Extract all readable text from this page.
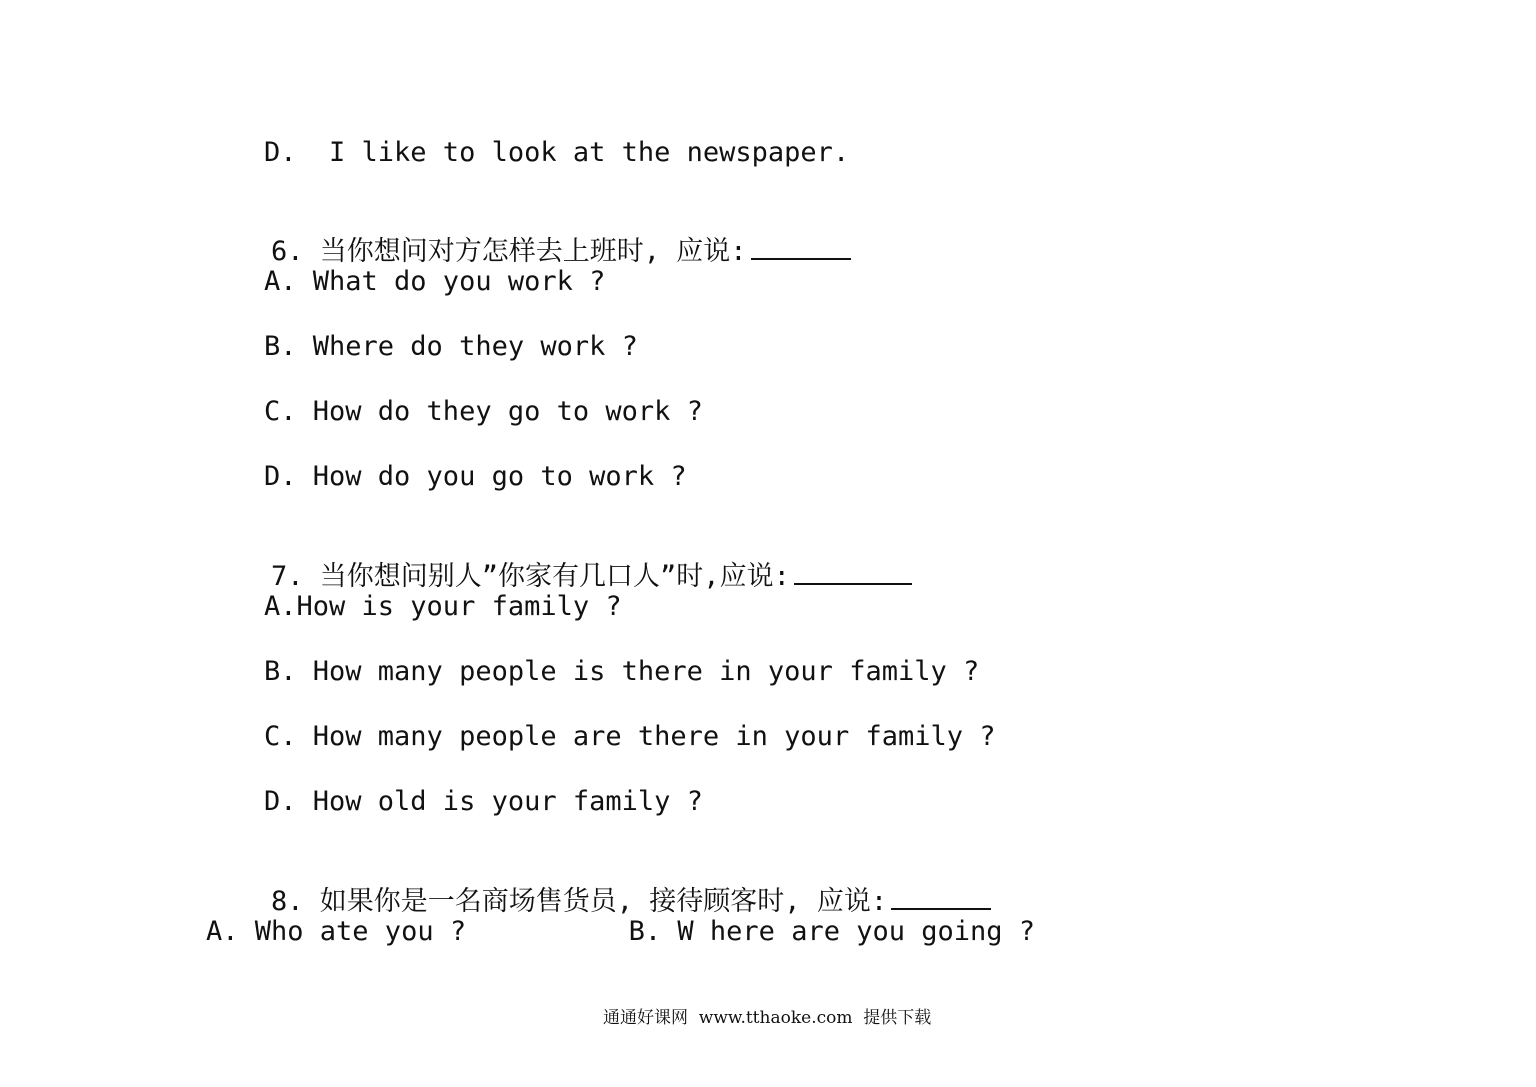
D.  I like to look at the newspaper.

6. 当你想问对方怎样去上班时, 应说:

A. What do you work ?
B. Where do they work ?
C. How do they go to work ?
D. How do you go to work ?

7. 当你想问别人”你家有几口人”时,应说:

A.How is your family ?
B. How many people is there in your family ?
C. How many people are there in your family ?
D. How old is your family ?

8. 如果你是一名商场售货员, 接待顾客时, 应说:

A. Who ate you ?          B. W here are you going ?
通通好课网  www.tthaoke.com  提供下载
